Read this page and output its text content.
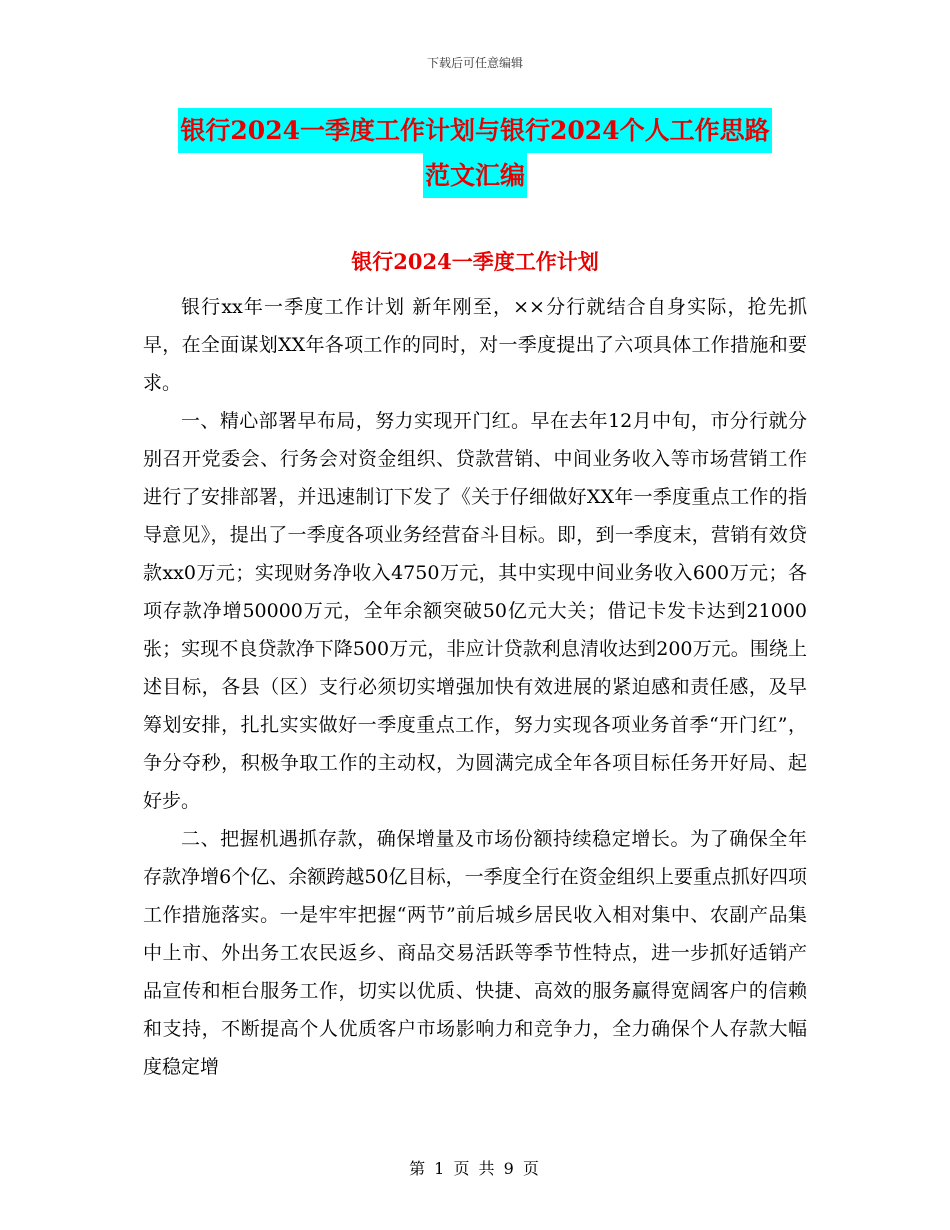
下载后可任意编辑
银行2024一季度工作计划与银行2024个人工作思路
范文汇编
银行2024一季度工作计划

银行xx年一季度工作计划 新年刚至，××分行就结合自身实际，抢先抓早，在全面谋划XX年各项工作的同时，对一季度提出了六项具体工作措施和要求。

一、精心部署早布局，努力实现开门红。早在去年12月中旬，市分行就分别召开党委会、行务会对资金组织、贷款营销、中间业务收入等市场营销工作进行了安排部署，并迅速制订下发了《关于仔细做好XX年一季度重点工作的指导意见》，提出了一季度各项业务经营奋斗目标。即，到一季度末，营销有效贷款xx0万元；实现财务净收入4750万元，其中实现中间业务收入600万元；各项存款净增50000万元，全年余额突破50亿元大关；借记卡发卡达到21000张；实现不良贷款净下降500万元，非应计贷款利息清收达到200万元。围绕上述目标，各县（区）支行必须切实增强加快有效进展的紧迫感和责任感，及早筹划安排，扎扎实实做好一季度重点工作，努力实现各项业务首季“开门红”，争分夺秒，积极争取工作的主动权，为圆满完成全年各项目标任务开好局、起好步。

二、把握机遇抓存款，确保增量及市场份额持续稳定增长。为了确保全年存款净增6个亿、余额跨越50亿目标，一季度全行在资金组织上要重点抓好四项工作措施落实。一是牢牢把握“两节”前后城乡居民收入相对集中、农副产品集中上市、外出务工农民返乡、商品交易活跃等季节性特点，进一步抓好适销产品宣传和柜台服务工作，切实以优质、快捷、高效的服务赢得宽阔客户的信赖和支持，不断提高个人优质客户市场影响力和竞争力，全力确保个人存款大幅度稳定增

第 1 页 共 9 页
